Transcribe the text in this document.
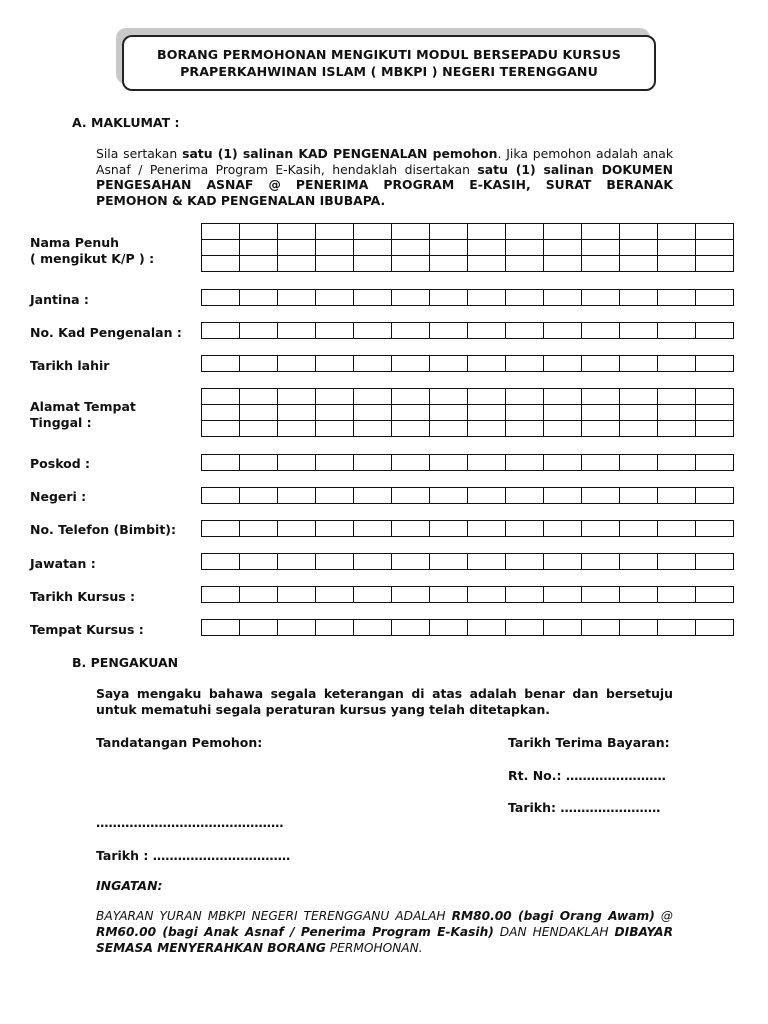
BORANG PERMOHONAN MENGIKUTI MODUL BERSEPADU KURSUS
PRAPERKAHWINAN ISLAM ( MBKPI ) NEGERI TERENGGANU
A. MAKLUMAT :
Sila sertakan satu (1) salinan KAD PENGENALAN pemohon. Jika pemohon adalah anak Asnaf / Penerima Program E-Kasih, hendaklah disertakan satu (1) salinan DOKUMEN PENGESAHAN ASNAF @ PENERIMA PROGRAM E-KASIH, SURAT BERANAK PEMOHON & KAD PENGENALAN IBUBAPA.
Nama Penuh
( mengikut K/P ) :
Jantina :
No. Kad Pengenalan :
Tarikh lahir
Alamat Tempat
Tinggal :
Poskod :
Negeri :
No. Telefon (Bimbit):
Jawatan :
Tarikh Kursus :
Tempat Kursus :

B. PENGAKUAN
Saya mengaku bahawa segala keterangan di atas adalah benar dan bersetuju untuk mematuhi segala peraturan kursus yang telah ditetapkan.
Tandatangan Pemohon:	Tarikh Terima Bayaran:
Rt. No.: ……………………
Tarikh: ……………………
………………………………………
Tarikh : ……………………………
INGATAN:
BAYARAN YURAN MBKPI NEGERI TERENGGANU ADALAH RM80.00 (bagi Orang Awam) @ RM60.00 (bagi Anak Asnaf / Penerima Program E-Kasih) DAN HENDAKLAH DIBAYAR SEMASA MENYERAHKAN BORANG PERMOHONAN.
